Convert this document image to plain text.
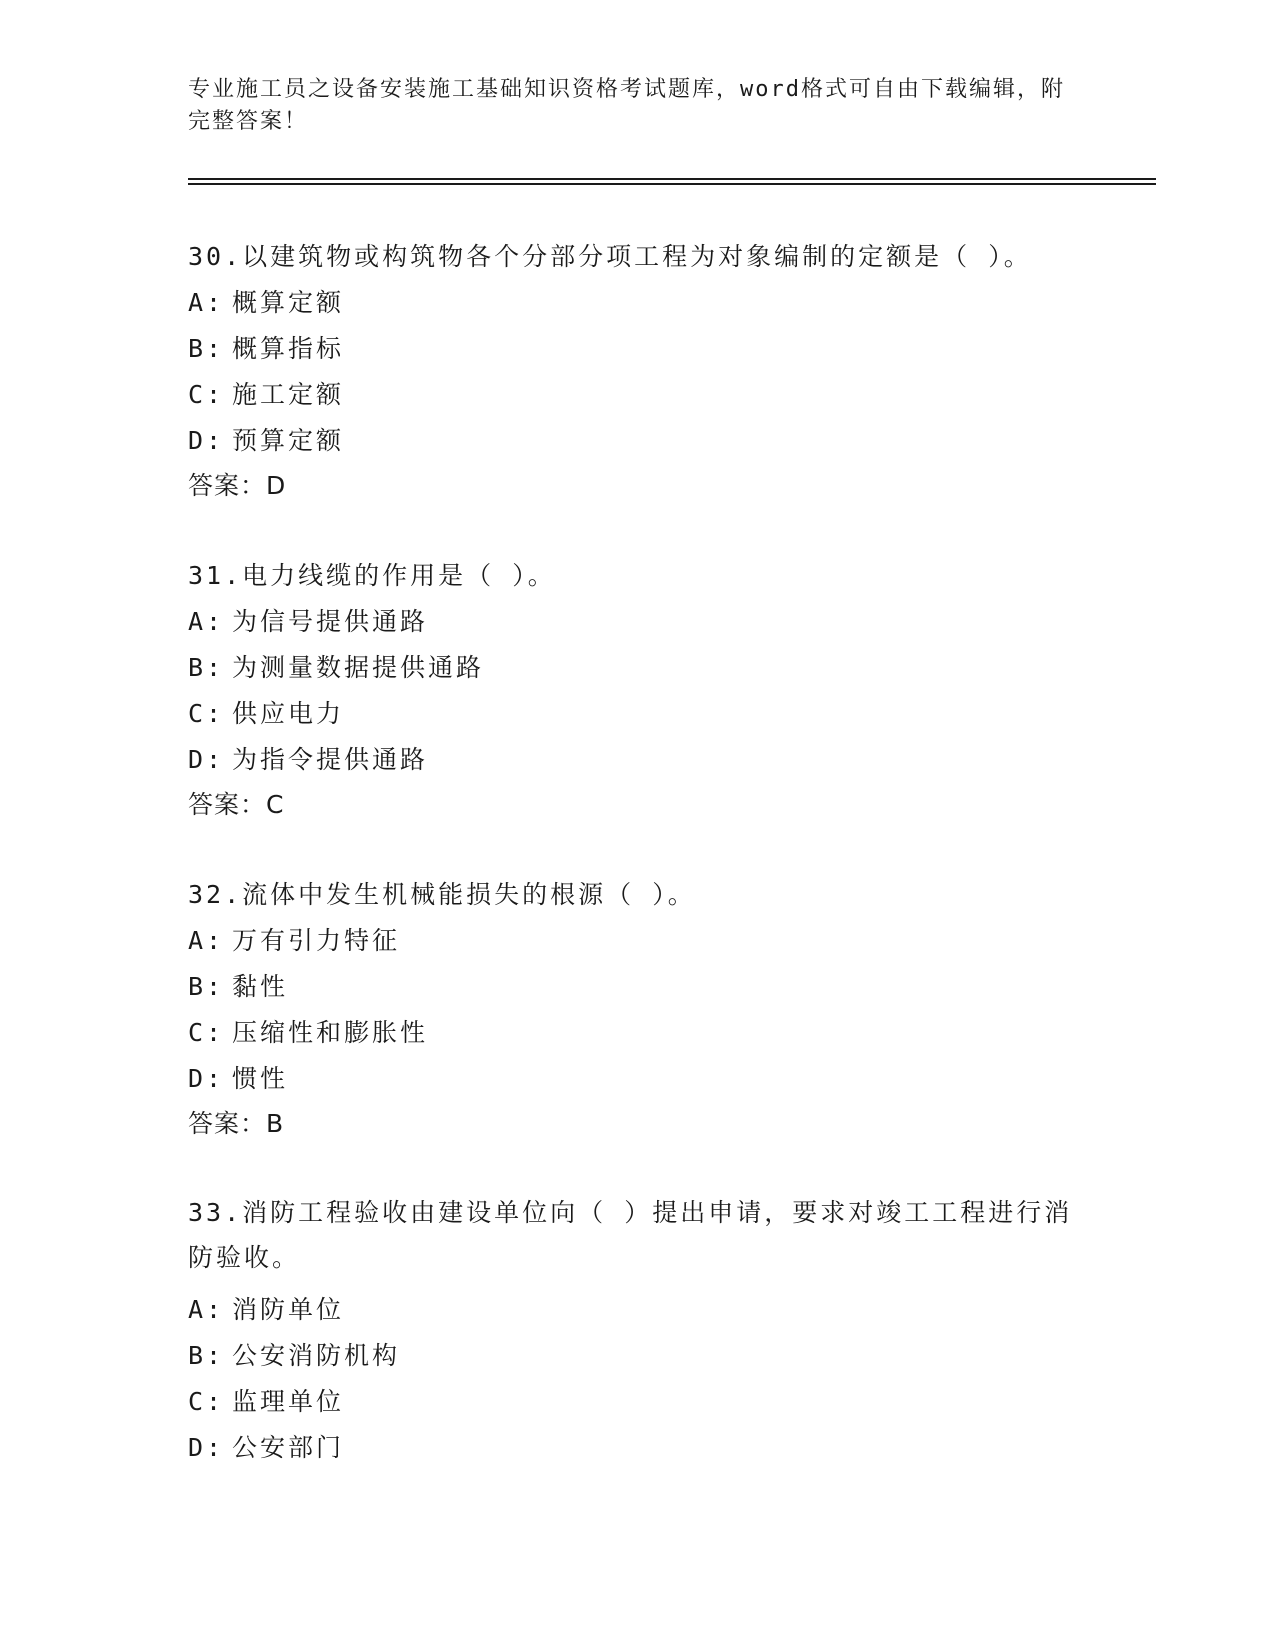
专业施工员之设备安装施工基础知识资格考试题库，word格式可自由下载编辑，附完整答案！

30.以建筑物或构筑物各个分部分项工程为对象编制的定额是（ ）。

A: 概算定额
B: 概算指标
C: 施工定额
D: 预算定额
答案：D

31.电力线缆的作用是（ ）。

A: 为信号提供通路
B: 为测量数据提供通路
C: 供应电力
D: 为指令提供通路
答案：C

32.流体中发生机械能损失的根源（ ）。

A: 万有引力特征
B: 黏性
C: 压缩性和膨胀性
D: 惯性
答案：B

33.消防工程验收由建设单位向（ ）提出申请，要求对竣工工程进行消防验收。

A: 消防单位
B: 公安消防机构
C: 监理单位
D: 公安部门
